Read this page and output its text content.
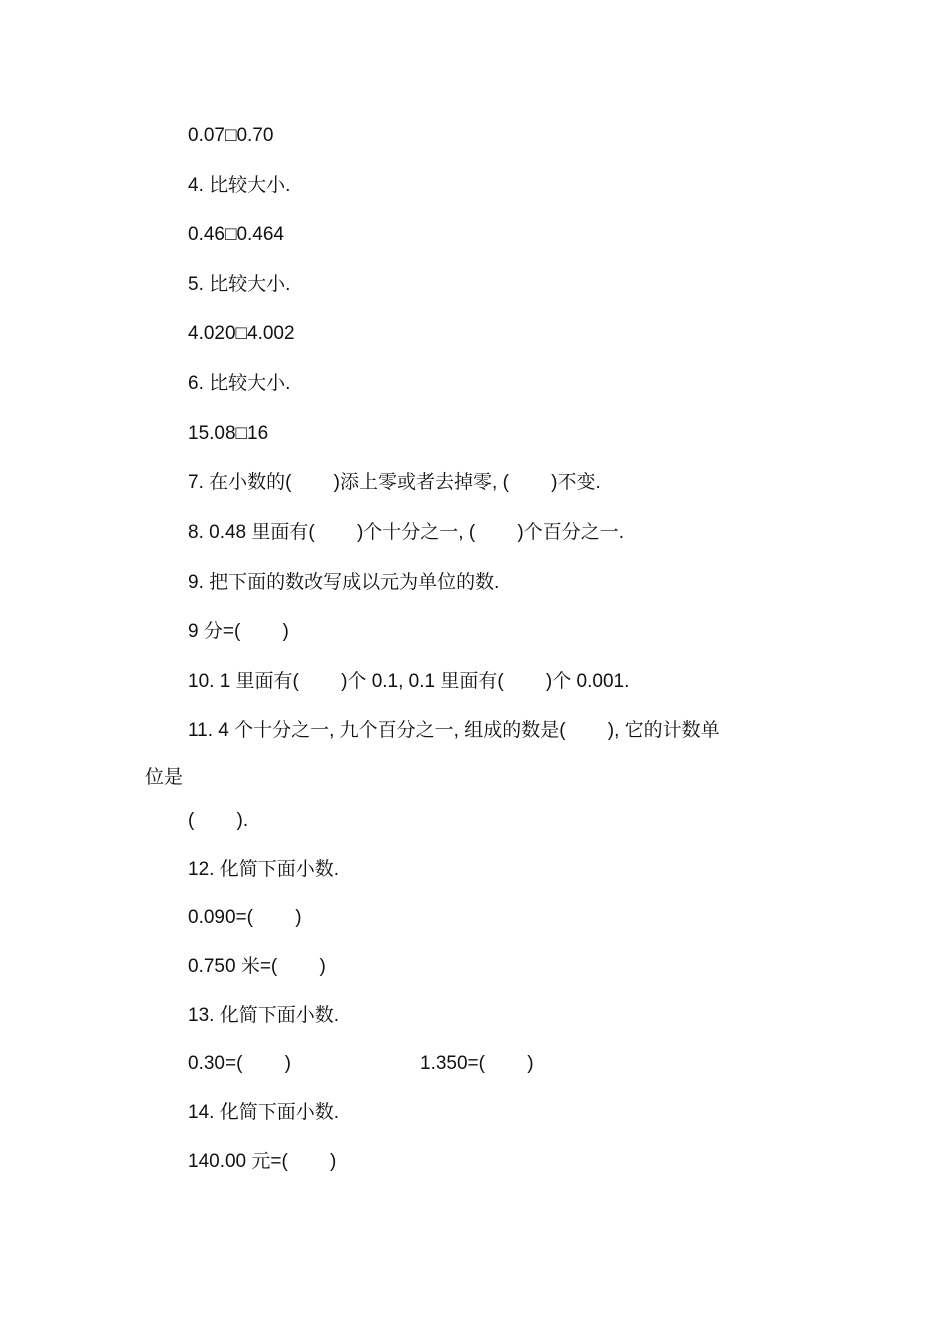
0.07□0.70
4. 比较大小.
0.46□0.464
5. 比较大小.
4.020□4.002
6. 比较大小.
15.08□16
7. 在小数的(        )添上零或者去掉零, (        )不变.
8. 0.48 里面有(        )个十分之一, (        )个百分之一.
9. 把下面的数改写成以元为单位的数.
9 分=(        )
10. 1 里面有(        )个 0.1, 0.1 里面有(        )个 0.001.
11. 4 个十分之一, 九个百分之一, 组成的数是(        ), 它的计数单
位是
(        ).
12. 化简下面小数.
0.090=(        )
0.750 米=(        )
13. 化简下面小数.
0.30=(        )	1.350=(        )
14. 化简下面小数.
140.00 元=(        )
